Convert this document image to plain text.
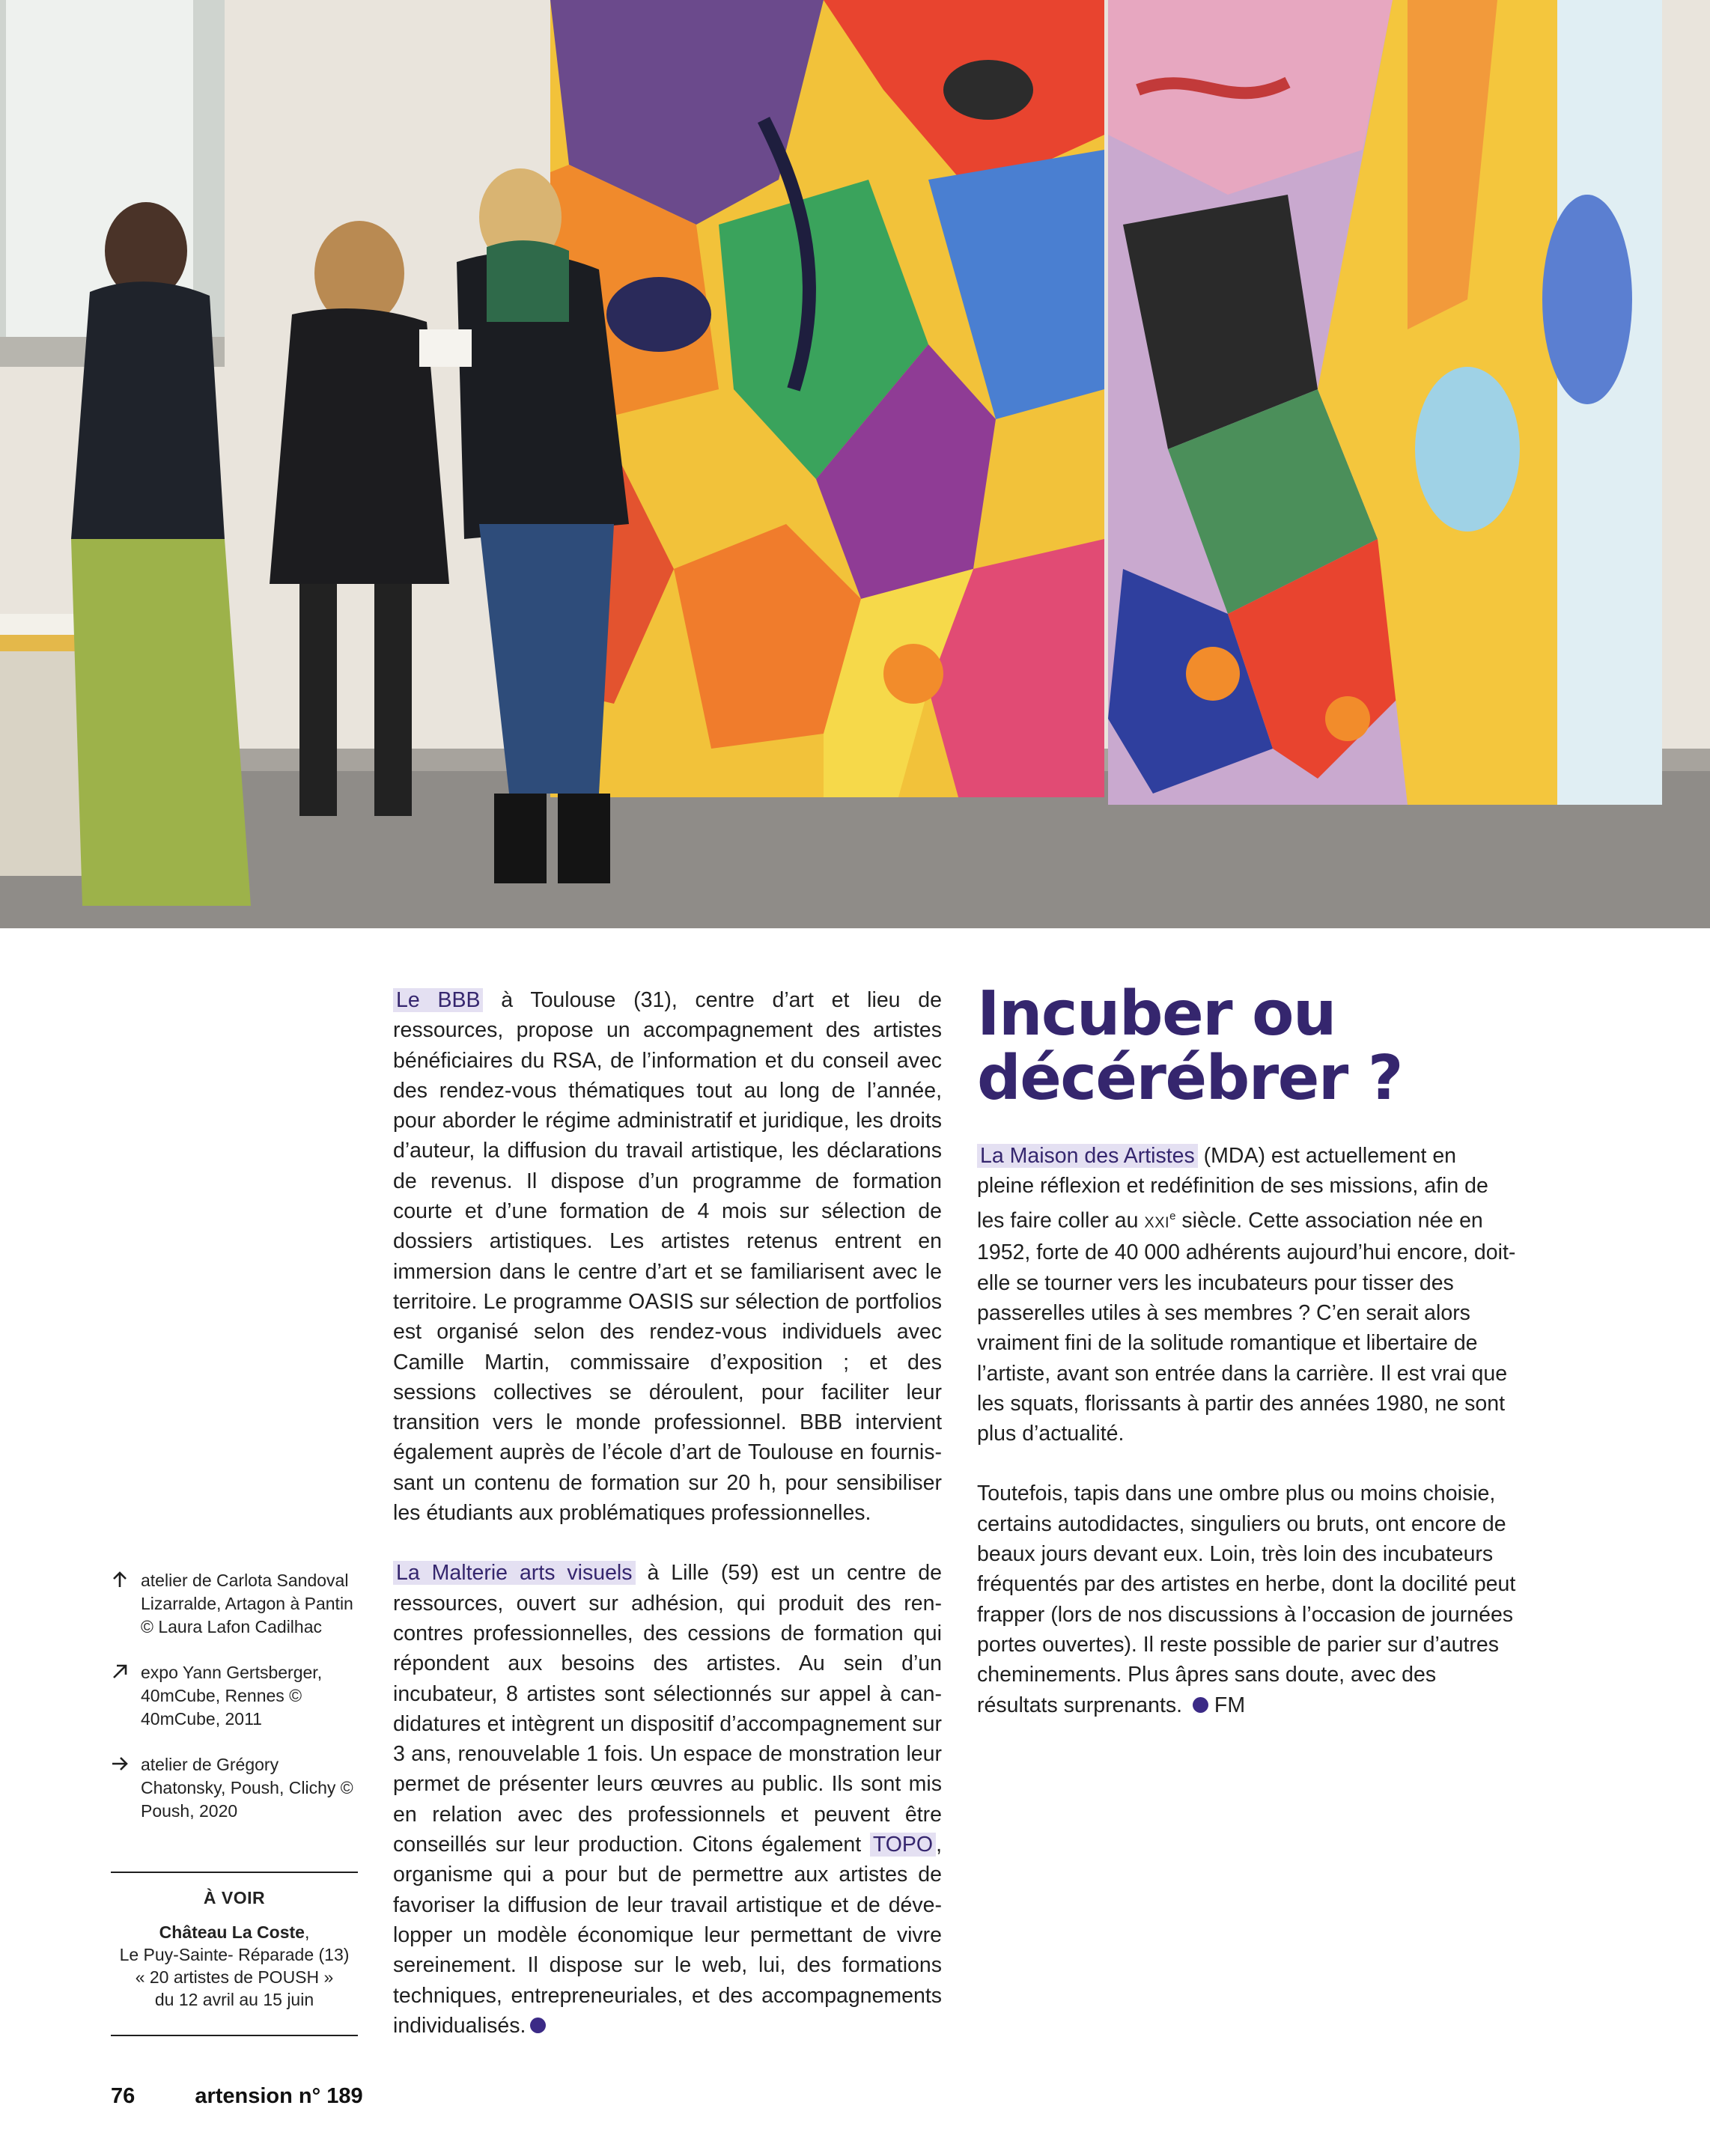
atelier de Carlota Sandoval Lizarralde, Artagon à Pantin © Laura Lafon Cadilhac
expo Yann Gertsberger, 40mCube, Rennes © 40mCube, 2011
atelier de Grégory Chatonsky, Poush, Clichy © Poush, 2020
À VOIR
Château La Coste,
Le Puy-Sainte- Réparade (13)
« 20 artistes de POUSH »
du 12 avril au 15 juin

Le BBB à Toulouse (31), centre d’art et lieu de ressources, propose un accompagnement des artistes bénéficiaires du RSA, de l’information et du conseil avec des rendez-vous thématiques tout au long de l’année, pour aborder le régime administratif et juridique, les droits d’auteur, la diffusion du travail artistique, les déclarations de revenus. Il dispose d’un programme de formation courte et d’une formation de 4 mois sur sélection de dossiers artistiques. Les artistes retenus entrent en immersion dans le centre d’art et se familiarisent avec le territoire. Le programme OASIS sur sélection de portfolios est organisé selon des rendez-vous individuels avec Camille Martin, commissaire d’exposition ; et des sessions collectives se déroulent, pour faciliter leur transition vers le monde professionnel. BBB intervient également auprès de l’école d’art de Toulouse en fournissant un contenu de formation sur 20 h, pour sensibiliser les étudiants aux problématiques professionnelles.

La Malterie arts visuels à Lille (59) est un centre de ressources, ouvert sur adhésion, qui produit des rencontres professionnelles, des cessions de formation qui répondent aux besoins des artistes. Au sein d’un incubateur, 8 artistes sont sélectionnés sur appel à candidatures et intègrent un dispositif d’accompagnement sur 3 ans, renouvelable 1 fois. Un espace de monstration leur permet de présenter leurs œuvres au public. Ils sont mis en relation avec des professionnels et peuvent être conseillés sur leur production. Citons également TOPO , organisme qui a pour but de permettre aux artistes de favoriser la diffusion de leur travail artistique et de développer un modèle économique leur permettant de vivre sereinement. Il dispose sur le web, lui, des formations techniques, entrepreneuriales, et des accompagnements individualisés.

Incuber ou
décérébrer ?

La Maison des Artistes (MDA) est actuellement en pleine réflexion et redéfinition de ses missions, afin de les faire coller au XXIe siècle. Cette association née en 1952, forte de 40 000 adhérents aujourd’hui encore, doit-elle se tourner vers les incubateurs pour tisser des passerelles utiles à ses membres ? C’en serait alors vraiment fini de la solitude romantique et libertaire de l’artiste, avant son entrée dans la carrière. Il est vrai que les squats, florissants à partir des années 1980, ne sont plus d’actualité.

Toutefois, tapis dans une ombre plus ou moins choisie, certains autodidactes, singuliers ou bruts, ont encore de beaux jours devant eux. Loin, très loin des incubateurs fréquentés par des artistes en herbe, dont la docilité peut frapper (lors de nos discussions à l’occasion de journées portes ouvertes). Il reste possible de parier sur d’autres cheminements. Plus âpres sans doute, avec des résultats surprenants. FM

76	artension n° 189
